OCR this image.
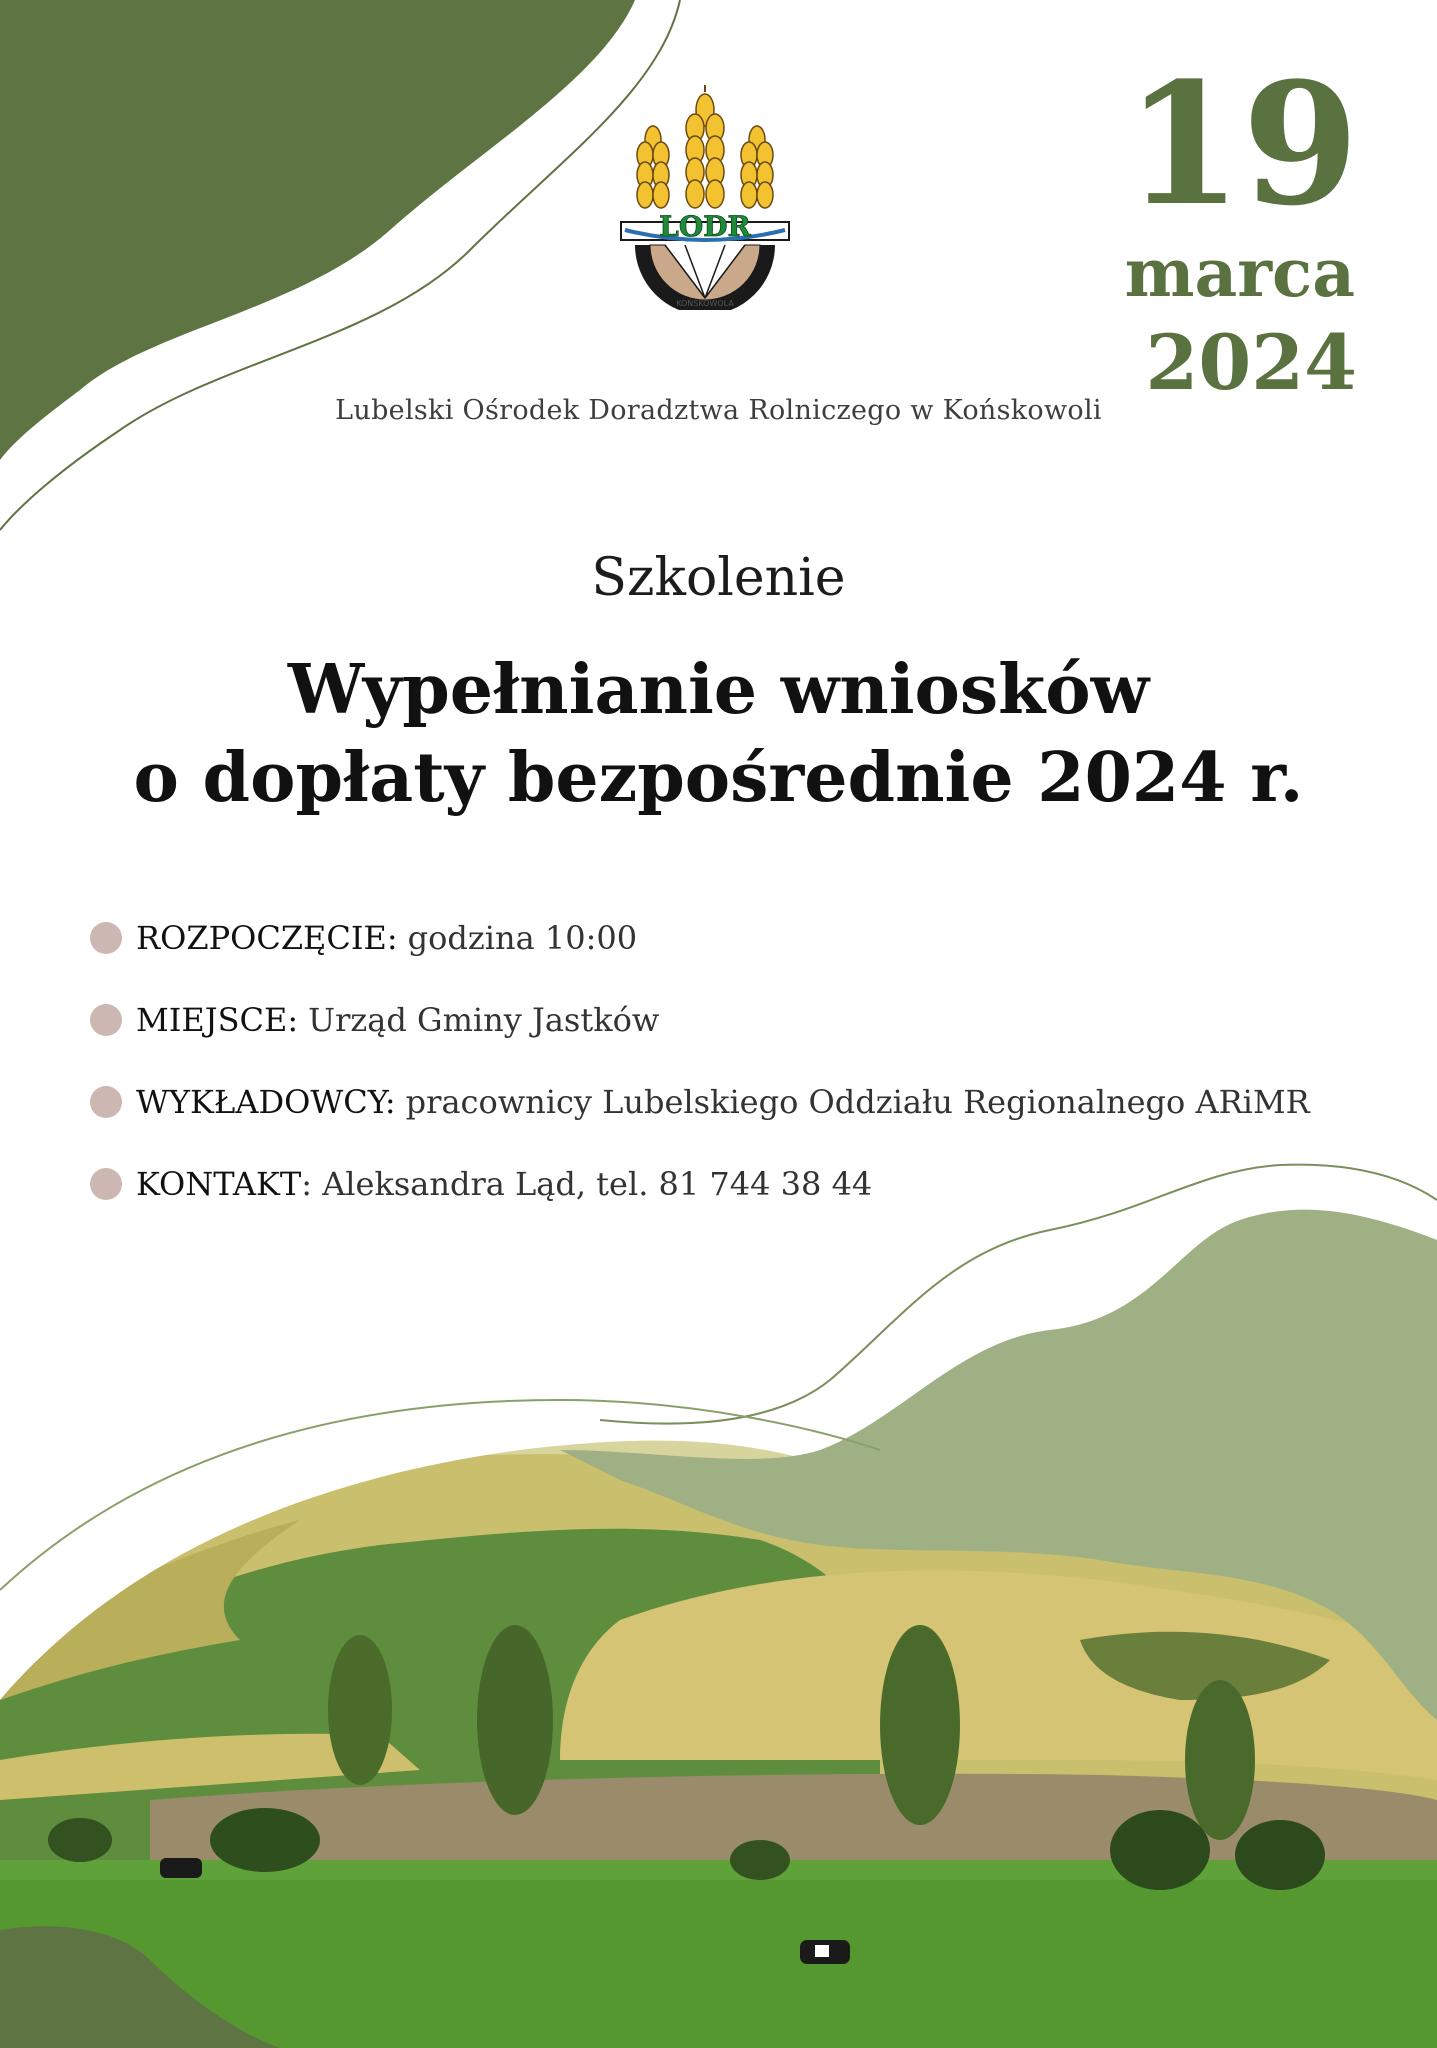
LODR
KOŃSKOWOLA
Lubelski Ośrodek Doradztwa Rolniczego w Końskowoli
19
marca
2024
Szkolenie
Wypełnianie wniosków
o dopłaty bezpośrednie 2024 r.
ROZPOCZĘCIE: godzina 10:00
MIEJSCE: Urząd Gminy Jastków
WYKŁADOWCY: pracownicy Lubelskiego Oddziału Regionalnego ARiMR
KONTAKT : Aleksandra Ląd, tel. 81 744 38 44
